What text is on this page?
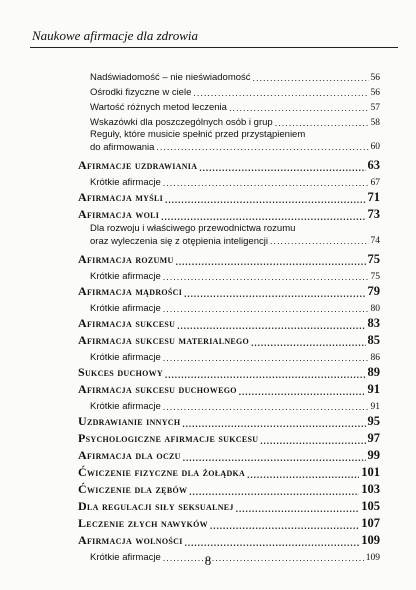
Naukowe afirmacje dla zdrowia
Nadświadomość – nie nieświadomość .....	56
Ośrodki fizyczne w ciele .....	56
Wartość różnych metod leczenia .....	57
Wskazówki dla poszczególnych osób i grup .....	58
Reguły, które musicie spełnić przed przystąpieniem
do afirmowania .....	60
Afirmacje uzdrawiania .....	63
Krótkie afirmacje .....	67
Afirmacja myśli .....	71
Afirmacja woli .....	73
Dla rozwoju i właściwego przewodnictwa rozumu
oraz wyleczenia się z otępienia inteligencji .....	74
Afirmacja rozumu .....	75
Krótkie afirmacje .....	75
Afirmacja mądrości .....	79
Krótkie afirmacje .....	80
Afirmacja sukcesu .....	83
Afirmacja sukcesu materialnego .....	85
Krótkie afirmacje .....	86
Sukces duchowy .....	89
Afirmacja sukcesu duchowego .....	91
Krótkie afirmacje .....	91
Uzdrawianie innych .....	95
Psychologiczne afirmacje sukcesu .....	97
Afirmacja dla oczu .....	99
Ćwiczenie fizyczne dla żołądka .....	101
Ćwiczenie dla zębów .....	103
Dla regulacji siły seksualnej .....	105
Leczenie złych nawyków .....	107
Afirmacja wolności .....	109
Krótkie afirmacje .....	109
8
